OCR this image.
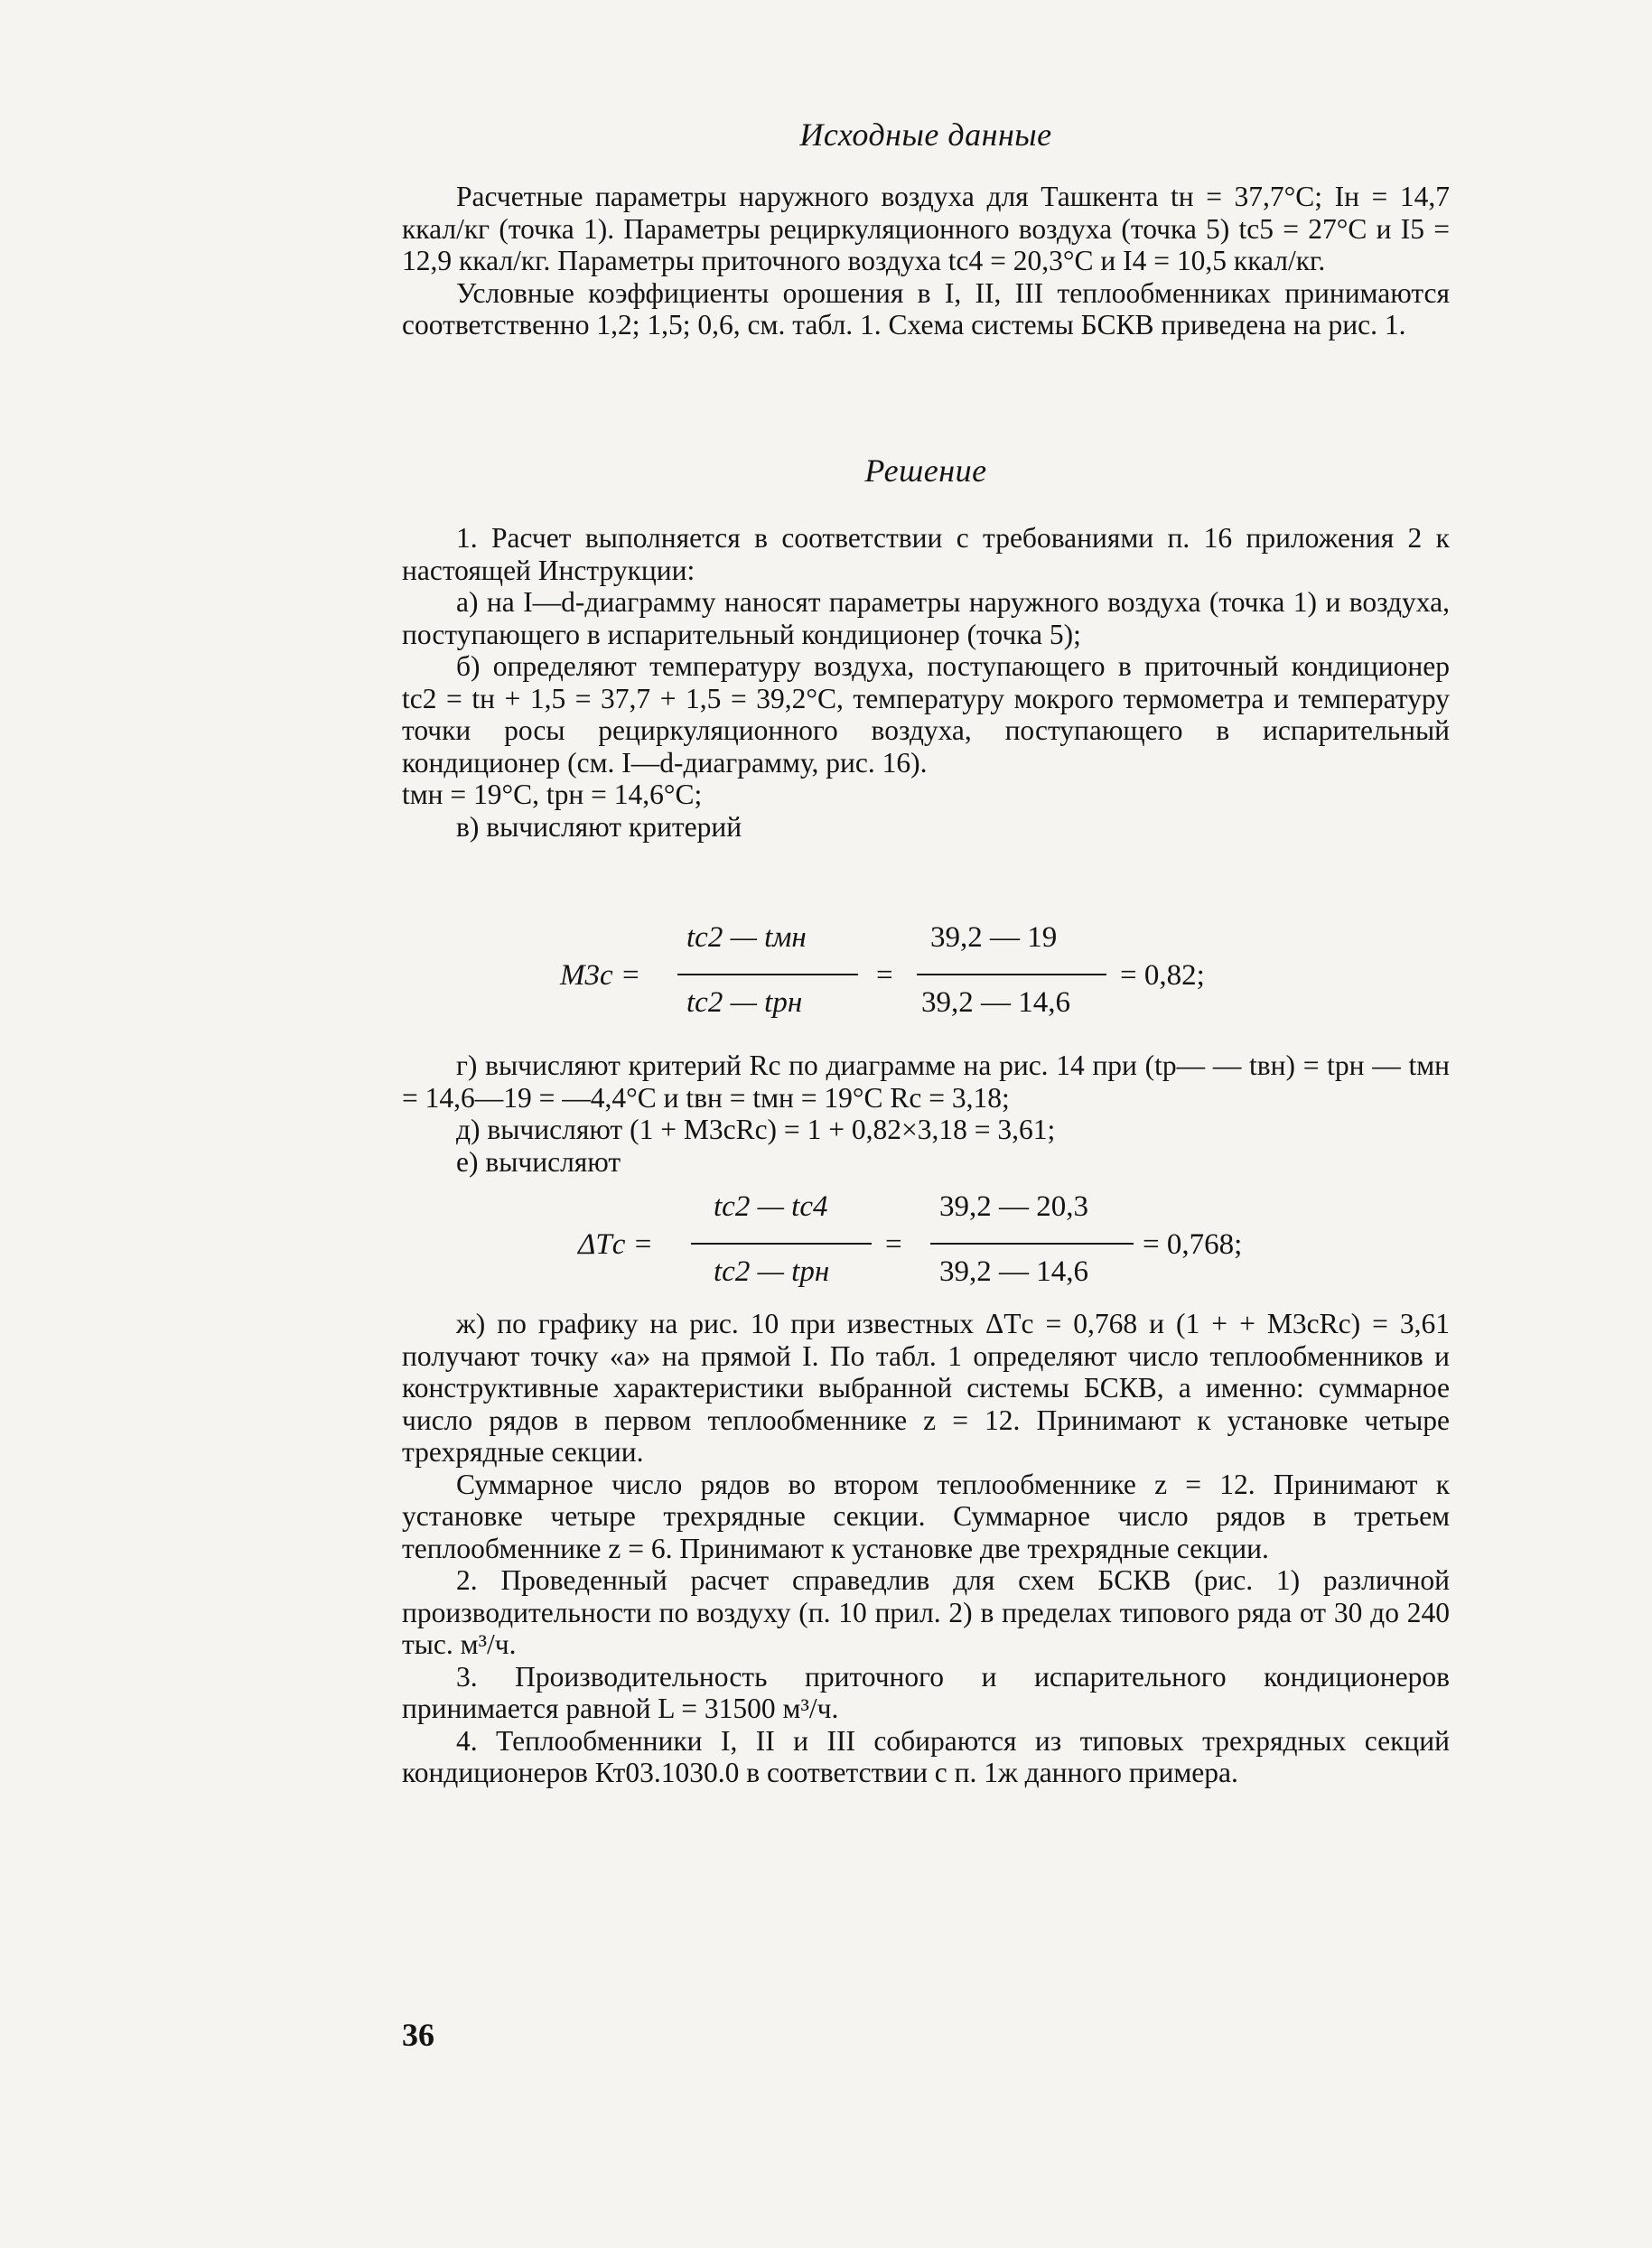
Исходные данные

Расчетные параметры наружного воздуха для Ташкента tн = 37,7°C; Iн = 14,7 ккал/кг (точка 1). Параметры рециркуляционного воздуха (точка 5) tс5 = 27°C и I5 = 12,9 ккал/кг. Параметры приточного воздуха tс4 = 20,3°C и I4 = 10,5 ккал/кг.

Условные коэффициенты орошения в I, II, III теплообменниках принимаются соответственно 1,2; 1,5; 0,6, см. табл. 1. Схема системы БСКВ приведена на рис. 1.

Решение

1. Расчет выполняется в соответствии с требованиями п. 16 приложения 2 к настоящей Инструкции:

а) на I—d-диаграмму наносят параметры наружного воздуха (точка 1) и воздуха, поступающего в испарительный кондиционер (точка 5);

б) определяют температуру воздуха, поступающего в приточный кондиционер tс2 = tн + 1,5 = 37,7 + 1,5 = 39,2°C, температуру мокрого термометра и температуру точки росы рециркуляционного воздуха, поступающего в испарительный кондиционер (см. I—d-диаграмму, рис. 16).

tмн = 19°C, tрн = 14,6°C;

в) вычисляют критерий

M3с =
tс2 — tмн
tс2 — tрн
=
39,2 — 19
39,2 — 14,6
= 0,82;

г) вычисляют критерий Rс по диаграмме на рис. 14 при (tр— — tвн) = tрн — tмн = 14,6—19 = —4,4°C и tвн = tмн = 19°C Rс = 3,18;

д) вычисляют (1 + M3сRс) = 1 + 0,82×3,18 = 3,61;

е) вычисляют

ΔTс =
tс2 — tс4
tс2 — tрн
=
39,2 — 20,3
39,2 — 14,6
= 0,768;

ж) по графику на рис. 10 при известных ΔTс = 0,768 и (1 + + M3сRс) = 3,61 получают точку «а» на прямой I. По табл. 1 определяют число теплообменников и конструктивные характеристики выбранной системы БСКВ, а именно: суммарное число рядов в первом теплообменнике z = 12. Принимают к установке четыре трехрядные секции.

Суммарное число рядов во втором теплообменнике z = 12. Принимают к установке четыре трехрядные секции. Суммарное число рядов в третьем теплообменнике z = 6. Принимают к установке две трехрядные секции.

2. Проведенный расчет справедлив для схем БСКВ (рис. 1) различной производительности по воздуху (п. 10 прил. 2) в пределах типового ряда от 30 до 240 тыс. м³/ч.

3. Производительность приточного и испарительного кондиционеров принимается равной L = 31500 м³/ч.

4. Теплообменники I, II и III собираются из типовых трехрядных секций кондиционеров Кт03.1030.0 в соответствии с п. 1ж данного примера.

36
